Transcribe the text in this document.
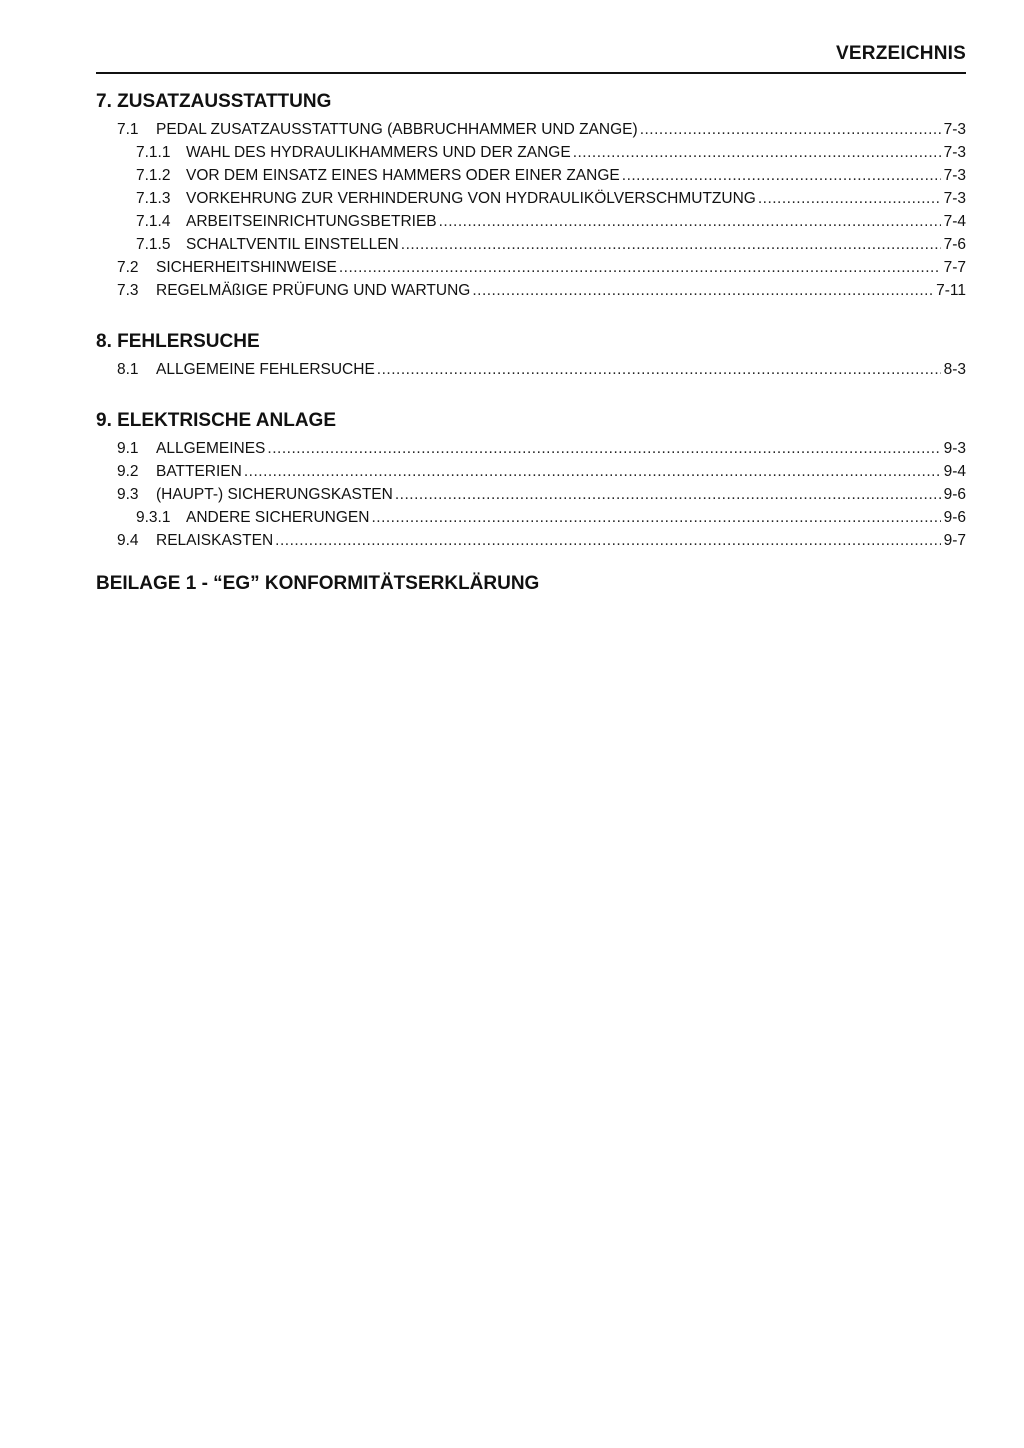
VERZEICHNIS
7. ZUSATZAUSSTATTUNG
7.1	PEDAL ZUSATZAUSSTATTUNG (ABBRUCHHAMMER UND ZANGE) .....	7-3
7.1.1	WAHL DES HYDRAULIKHAMMERS UND DER ZANGE .....	7-3
7.1.2	VOR DEM EINSATZ EINES HAMMERS ODER EINER ZANGE .....	7-3
7.1.3	VORKEHRUNG ZUR VERHINDERUNG VON HYDRAULIKÖLVERSCHMUTZUNG .....	7-3
7.1.4	ARBEITSEINRICHTUNGSBETRIEB .....	7-4
7.1.5	SCHALTVENTIL EINSTELLEN .....	7-6
7.2	SICHERHEITSHINWEISE .....	7-7
7.3	REGELMÄßIGE PRÜFUNG UND WARTUNG .....	7-11
8. FEHLERSUCHE
8.1	ALLGEMEINE FEHLERSUCHE .....	8-3
9. ELEKTRISCHE ANLAGE
9.1	ALLGEMEINES .....	9-3
9.2	BATTERIEN .....	9-4
9.3	(HAUPT-) SICHERUNGSKASTEN .....	9-6
9.3.1	ANDERE SICHERUNGEN .....	9-6
9.4	RELAISKASTEN .....	9-7
BEILAGE 1 - “EG” KONFORMITÄTSERKLÄRUNG
